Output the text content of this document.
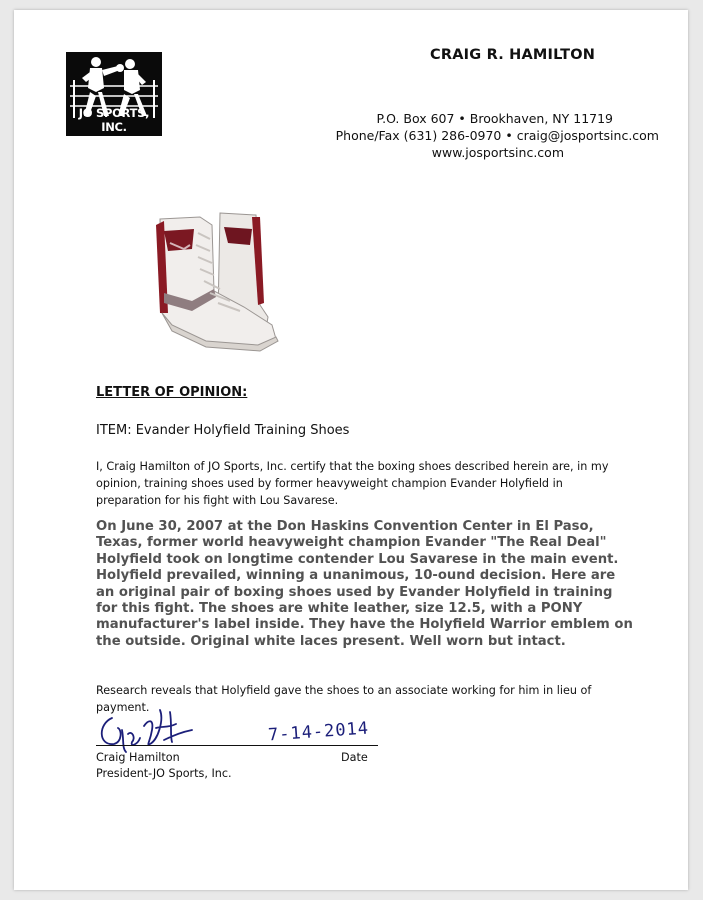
JO SPORTS, INC.
CRAIG R. HAMILTON
P.O. Box 607 • Brookhaven, NY 11719
Phone/Fax (631) 286-0970 • craig@josportsinc.com
www.josportsinc.com
LETTER OF OPINION:
ITEM: Evander Holyfield Training Shoes
I, Craig Hamilton of JO Sports, Inc. certify that the boxing shoes described herein are, in my opinion, training shoes used by former heavyweight champion Evander Holyfield in preparation for his fight with Lou Savarese.
On June 30, 2007 at the Don Haskins Convention Center in El Paso, Texas, former world heavyweight champion Evander "The Real Deal" Holyfield took on longtime contender Lou Savarese in the main event. Holyfield prevailed, winning a unanimous, 10-ound decision. Here are an original pair of boxing shoes used by Evander Holyfield in training for this fight. The shoes are white leather, size 12.5, with a PONY manufacturer's label inside. They have the Holyfield Warrior emblem on the outside. Original white laces present. Well worn but intact.
Research reveals that Holyfield gave the shoes to an associate working for him in lieu of payment.
7-14-2014
Craig Hamilton
President-JO Sports, Inc.
Date
